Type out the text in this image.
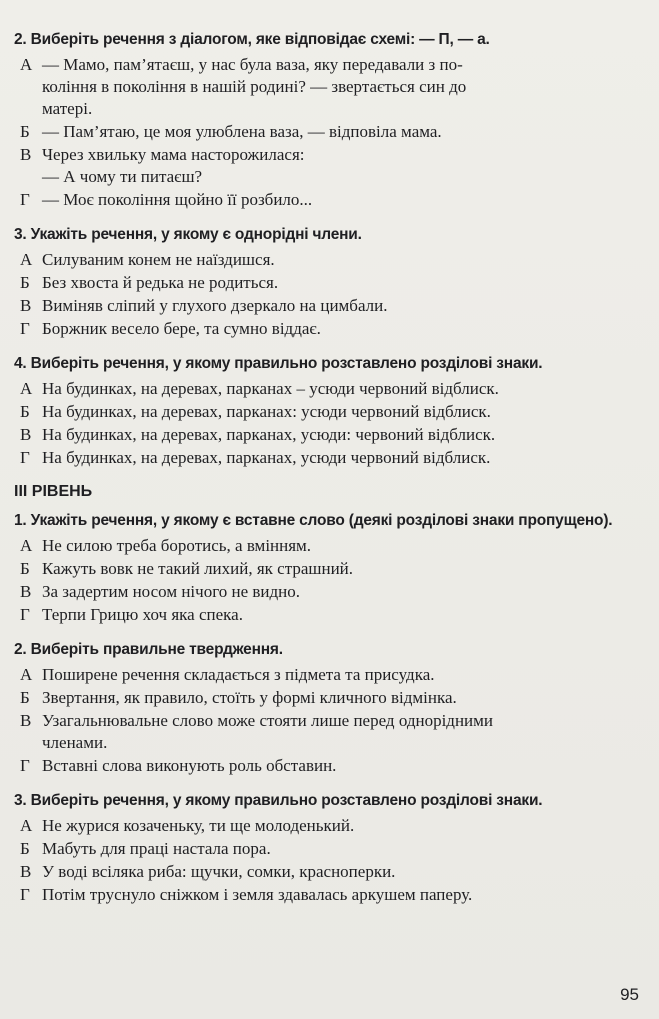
2. Виберіть речення з діалогом, яке відповідає схемі: — П, — а.
А — Мамо, пам’ятаєш, у нас була ваза, яку передавали з по-
коління в покоління в нашій родині? — звертається син до
матері.
Б — Пам’ятаю, це моя улюблена ваза, — відповіла мама.
В Через хвильку мама насторожилася:
— А чому ти питаєш?
Г — Моє покоління щойно її розбило...
3. Укажіть речення, у якому є однорідні члени.
А Силуваним конем не наїздишся.
Б Без хвоста й редька не родиться.
В Виміняв сліпий у глухого дзеркало на цимбали.
Г Боржник весело бере, та сумно віддає.
4. Виберіть речення, у якому правильно розставлено розділові знаки.
А На будинках, на деревах, парканах – усюди червоний відблиск.
Б На будинках, на деревах, парканах: усюди червоний відблиск.
В На будинках, на деревах, парканах, усюди: червоний відблиск.
Г На будинках, на деревах, парканах, усюди червоний відблиск.
ІІІ РІВЕНЬ
1. Укажіть речення, у якому є вставне слово (деякі розділові знаки пропущено).
А Не силою треба боротись, а вмінням.
Б Кажуть вовк не такий лихий, як страшний.
В За задертим носом нічого не видно.
Г Терпи Грицю хоч яка спека.
2. Виберіть правильне твердження.
А Поширене речення складається з підмета та присудка.
Б Звертання, як правило, стоїть у формі кличного відмінка.
В Узагальнювальне слово може стояти лише перед однорідними
членами.
Г Вставні слова виконують роль обставин.
3. Виберіть речення, у якому правильно розставлено розділові знаки.
А Не журися козаченьку, ти ще молоденький.
Б Мабуть для праці настала пора.
В У воді всіляка риба: щучки, сомки, красноперки.
Г Потім труснуло сніжком і земля здавалась аркушем паперу.
95
